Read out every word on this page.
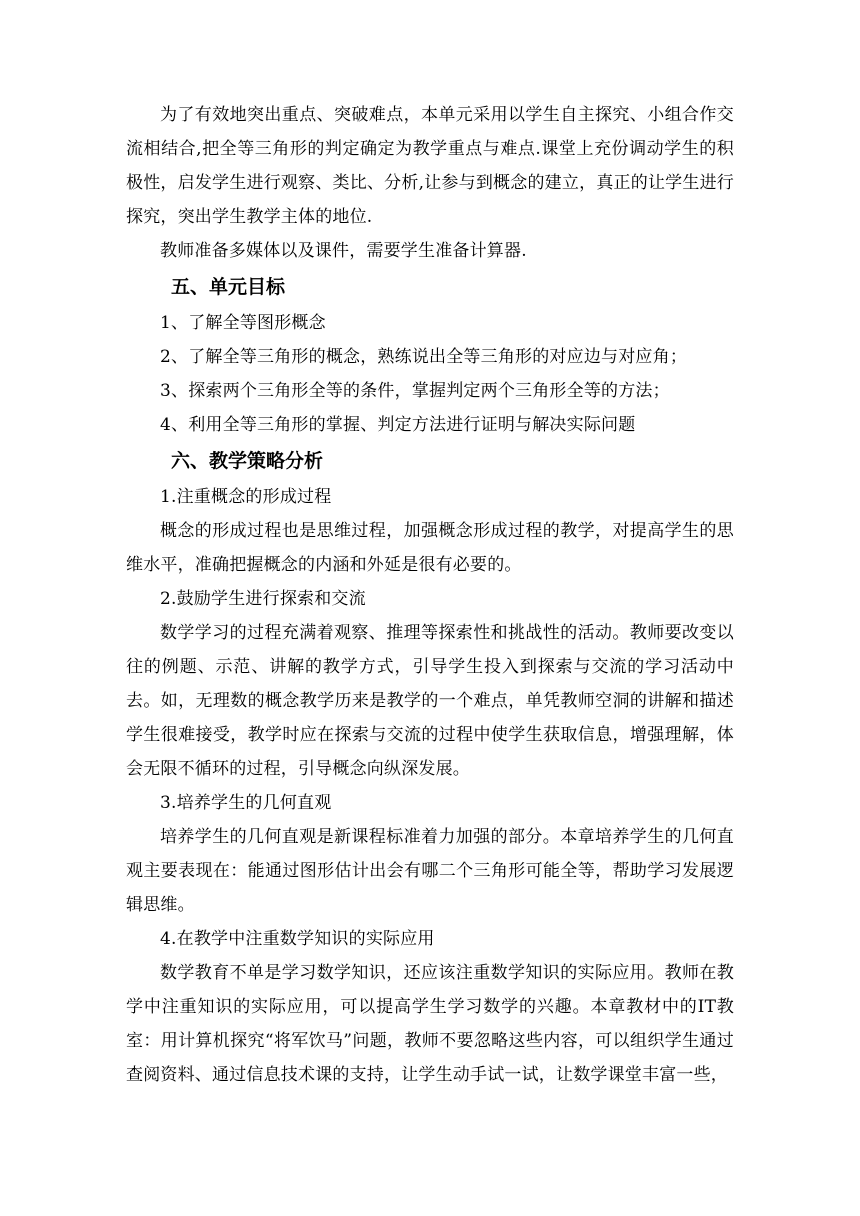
为了有效地突出重点、突破难点，本单元采用以学生自主探究、小组合作交流相结合,把全等三角形的判定确定为教学重点与难点.课堂上充份调动学生的积极性，启发学生进行观察、类比、分析,让参与到概念的建立，真正的让学生进行探究，突出学生教学主体的地位.

教师准备多媒体以及课件，需要学生准备计算器.

五、单元目标

1、了解全等图形概念

2、了解全等三角形的概念，熟练说出全等三角形的对应边与对应角；

3、探索两个三角形全等的条件，掌握判定两个三角形全等的方法；

4、利用全等三角形的掌握、判定方法进行证明与解决实际问题

六、教学策略分析

1.注重概念的形成过程

概念的形成过程也是思维过程，加强概念形成过程的教学，对提高学生的思维水平，准确把握概念的内涵和外延是很有必要的。

2.鼓励学生进行探索和交流

数学学习的过程充满着观察、推理等探索性和挑战性的活动。教师要改变以往的例题、示范、讲解的教学方式，引导学生投入到探索与交流的学习活动中去。如，无理数的概念教学历来是教学的一个难点，单凭教师空洞的讲解和描述学生很难接受，教学时应在探索与交流的过程中使学生获取信息，增强理解，体会无限不循环的过程，引导概念向纵深发展。

3.培养学生的几何直观

培养学生的几何直观是新课程标准着力加强的部分。本章培养学生的几何直观主要表现在：能通过图形估计出会有哪二个三角形可能全等，帮助学习发展逻辑思维。

4.在教学中注重数学知识的实际应用

数学教育不单是学习数学知识，还应该注重数学知识的实际应用。教师在教学中注重知识的实际应用，可以提高学生学习数学的兴趣。本章教材中的IT教室：用计算机探究“将军饮马”问题，教师不要忽略这些内容，可以组织学生通过查阅资料、通过信息技术课的支持，让学生动手试一试，让数学课堂丰富一些，
